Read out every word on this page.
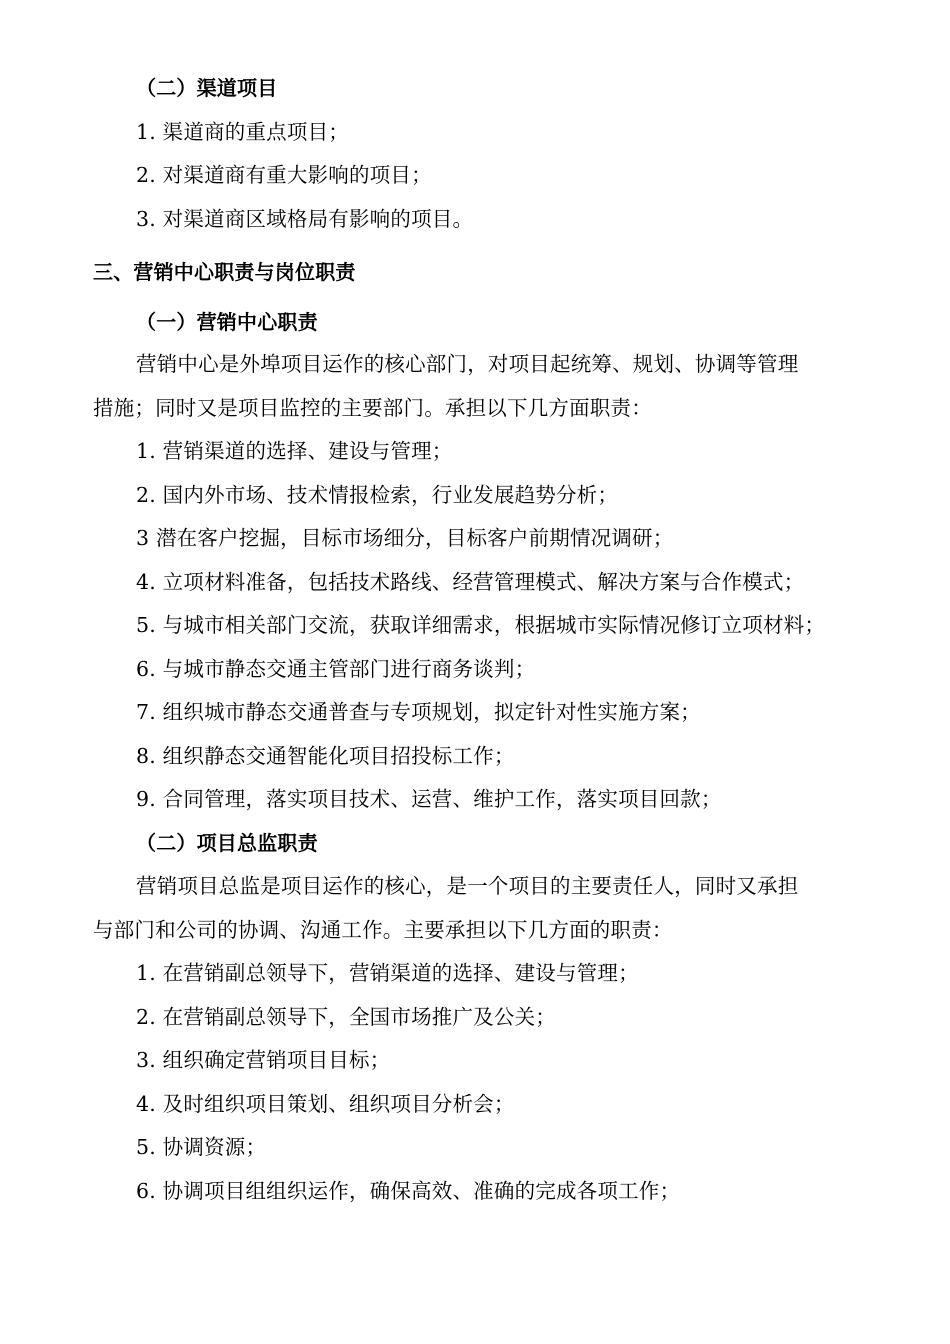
（二）渠道项目
1. 渠道商的重点项目；
2. 对渠道商有重大影响的项目；
3. 对渠道商区域格局有影响的项目。
三、营销中心职责与岗位职责
（一）营销中心职责
营销中心是外埠项目运作的核心部门，对项目起统筹、规划、协调等管理
措施；同时又是项目监控的主要部门。承担以下几方面职责：
1. 营销渠道的选择、建设与管理；
2. 国内外市场、技术情报检索，行业发展趋势分析；
3 潜在客户挖掘，目标市场细分，目标客户前期情况调研；
4. 立项材料准备，包括技术路线、经营管理模式、解决方案与合作模式；
5. 与城市相关部门交流，获取详细需求，根据城市实际情况修订立项材料；
6. 与城市静态交通主管部门进行商务谈判；
7. 组织城市静态交通普查与专项规划，拟定针对性实施方案；
8. 组织静态交通智能化项目招投标工作；
9. 合同管理，落实项目技术、运营、维护工作，落实项目回款；
（二）项目总监职责
营销项目总监是项目运作的核心，是一个项目的主要责任人，同时又承担
与部门和公司的协调、沟通工作。主要承担以下几方面的职责：
1. 在营销副总领导下，营销渠道的选择、建设与管理；
2. 在营销副总领导下，全国市场推广及公关；
3. 组织确定营销项目目标；
4. 及时组织项目策划、组织项目分析会；
5. 协调资源；
6. 协调项目组组织运作，确保高效、准确的完成各项工作；
